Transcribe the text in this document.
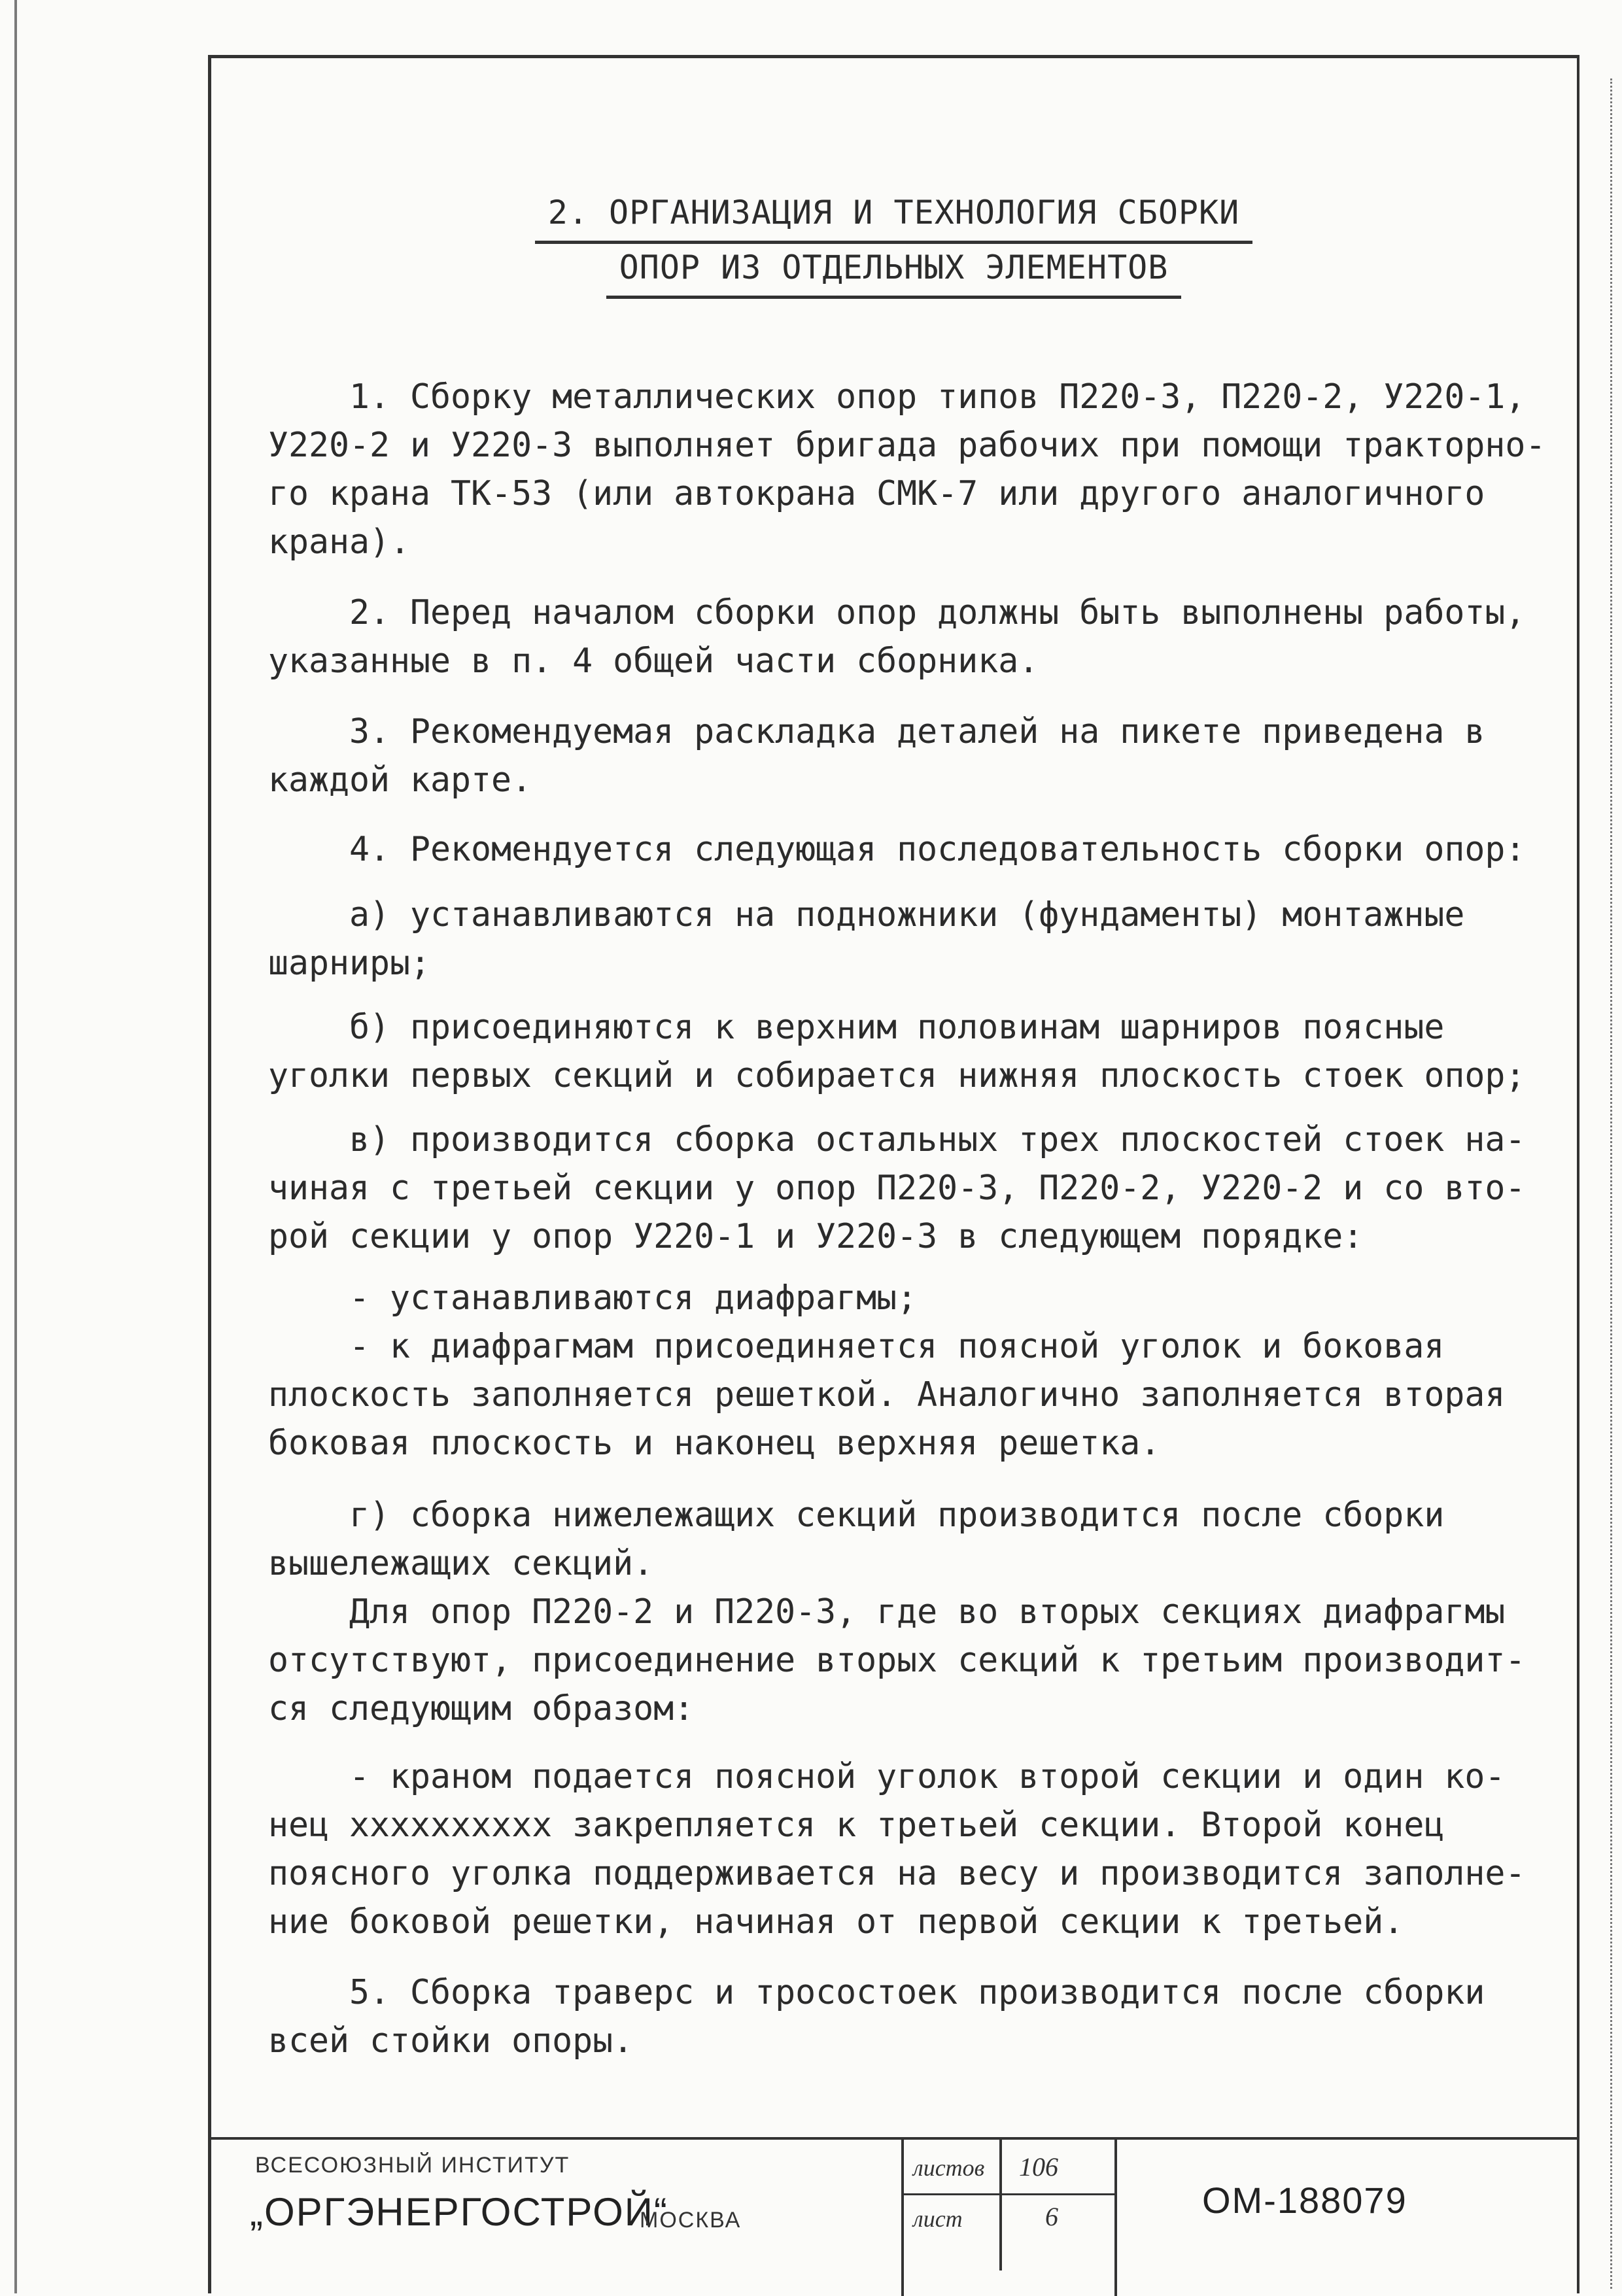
2. ОРГАНИЗАЦИЯ И ТЕХНОЛОГИЯ СБОРКИ
ОПОР ИЗ ОТДЕЛЬНЫХ ЭЛЕМЕНТОВ
1. Сборку металлических опор типов П220-3, П220-2, У220-1,
У220-2 и У220-3 выполняет бригада рабочих при помощи тракторно-
го крана ТК-53 (или автокрана СМК-7 или другого аналогичного
крана).
2. Перед началом сборки опор должны быть выполнены работы,
указанные в п. 4 общей части сборника.
3. Рекомендуемая раскладка деталей на пикете приведена в
каждой карте.
4. Рекомендуется следующая последовательность сборки опор:
а) устанавливаются на подножники (фундаменты) монтажные
шарниры;
б) присоединяются к верхним половинам шарниров поясные
уголки первых секций и собирается нижняя плоскость стоек опор;
в) производится сборка остальных трех плоскостей стоек на-
чиная с третьей секции у опор П220-3, П220-2, У220-2 и со вто-
рой секции у опор У220-1 и У220-3 в следующем порядке:
- устанавливаются диафрагмы;
- к диафрагмам присоединяется поясной уголок и боковая
плоскость заполняется решеткой. Аналогично заполняется вторая
боковая плоскость и наконец верхняя решетка.
г) сборка нижележащих секций производится после сборки
вышележащих секций.
Для опор П220-2 и П220-3, где во вторых секциях диафрагмы
отсутствуют, присоединение вторых секций к третьим производит-
ся следующим образом:
- краном подается поясной уголок второй секции и один ко-
нец xxxxxxxxxx закрепляется к третьей секции. Второй конец
поясного уголка поддерживается на весу и производится заполне-
ние боковой решетки, начиная от первой секции к третьей.
5. Сборка траверс и тросостоек производится после сборки
всей стойки опоры.
ВСЕСОЮЗНЫЙ ИНСТИТУТ
„ОРГЭНЕРГОСТРОЙ“
МОСКВА
листов 106
лист	6	ОМ-188079
